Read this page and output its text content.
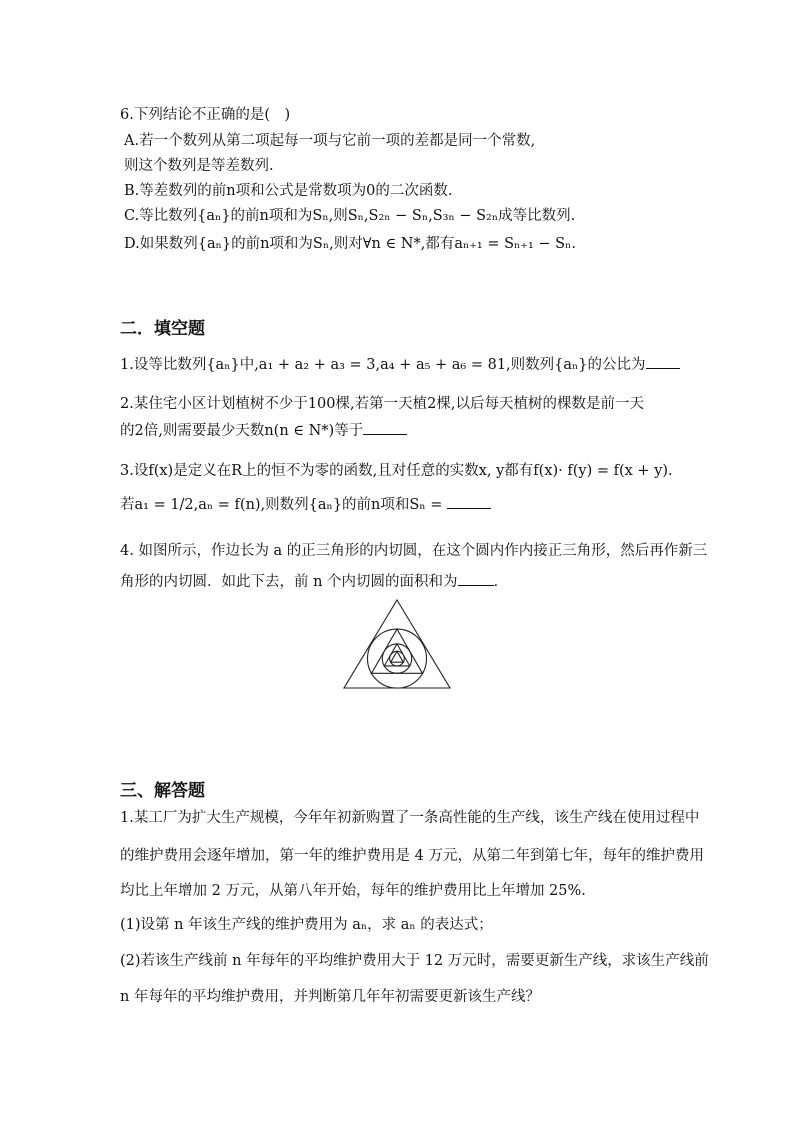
6.下列结论不正确的是(　)
A.若一个数列从第二项起每一项与它前一项的差都是同一个常数,
则这个数列是等差数列.
B.等差数列的前n项和公式是常数项为0的二次函数.
C.等比数列{aₙ}的前n项和为Sₙ,则Sₙ,S₂ₙ − Sₙ,S₃ₙ − S₂ₙ成等比数列.
D.如果数列{aₙ}的前n项和为Sₙ,则对∀n ∈ N*,都有aₙ₊₁ = Sₙ₊₁ − Sₙ.
二．填空题
1.设等比数列{aₙ}中,a₁ + a₂ + a₃ = 3,a₄ + a₅ + a₆ = 81,则数列{aₙ}的公比为
2.某住宅小区计划植树不少于100棵,若第一天植2棵,以后每天植树的棵数是前一天
的2倍,则需要最少天数n(n ∈ N*)等于
3.设f(x)是定义在R上的恒不为零的函数,且对任意的实数x, y都有f(x)· f(y) = f(x + y).
若a₁ = 1/2,aₙ = f(n),则数列{aₙ}的前n项和Sₙ =
4. 如图所示，作边长为 a 的正三角形的内切圆，在这个圆内作内接正三角形，然后再作新三
角形的内切圆．如此下去，前 n 个内切圆的面积和为 ．
三、解答题
1.某工厂为扩大生产规模，今年年初新购置了一条高性能的生产线，该生产线在使用过程中
的维护费用会逐年增加，第一年的维护费用是 4 万元，从第二年到第七年，每年的维护费用
均比上年增加 2 万元，从第八年开始，每年的维护费用比上年增加 25%.
(1)设第 n 年该生产线的维护费用为 aₙ，求 aₙ 的表达式；
(2)若该生产线前 n 年每年的平均维护费用大于 12 万元时，需要更新生产线，求该生产线前
n 年每年的平均维护费用，并判断第几年年初需要更新该生产线？
